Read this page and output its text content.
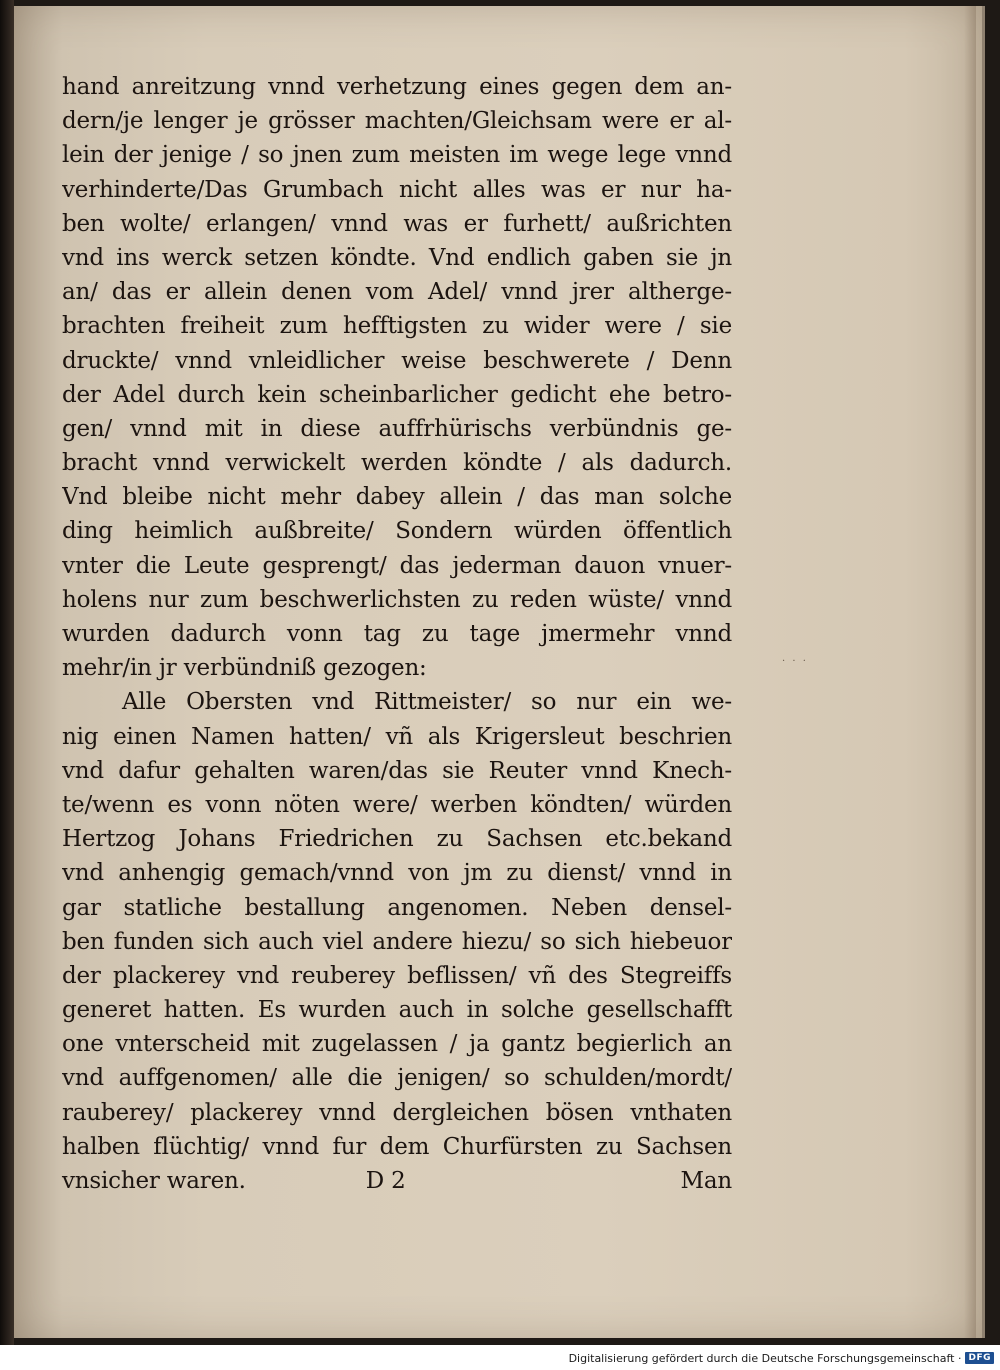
hand anreitzung vnnd verhetzung eines gegen dem an-
dern/je lenger je grösser machten/Gleichsam were er al-
lein der jenige / so jnen zum meisten im wege lege vnnd
verhinderte/Das Grumbach nicht alles was er nur ha-
ben wolte/ erlangen/ vnnd was er furhett/ außrichten
vnd ins werck setzen köndte. Vnd endlich gaben sie jn
an/ das er allein denen vom Adel/ vnnd jrer altherge-
brachten freiheit zum hefftigsten zu wider were / sie
druckte/ vnnd vnleidlicher weise beschwerete / Denn
der Adel durch kein scheinbarlicher gedicht ehe betro-
gen/ vnnd mit in diese auffrhürischs verbündnis ge-
bracht vnnd verwickelt werden köndte / als dadurch.
Vnd bleibe nicht mehr dabey allein / das man solche
ding heimlich außbreite/ Sondern würden öffentlich
vnter die Leute gesprengt/ das jederman dauon vnuer-
holens nur zum beschwerlichsten zu reden wüste/ vnnd
wurden dadurch vonn tag zu tage jmermehr vnnd
mehr/in jr verbündniß gezogen:
Alle Obersten vnd Rittmeister/ so nur ein we-
nig einen Namen hatten/ vñ als Krigersleut beschrien
vnd dafur gehalten waren/das sie Reuter vnnd Knech-
te/wenn es vonn nöten were/ werben köndten/ würden
Hertzog Johans Friedrichen zu Sachsen etc.bekand
vnd anhengig gemach/vnnd von jm zu dienst/ vnnd in
gar statliche bestallung angenomen. Neben densel-
ben funden sich auch viel andere hiezu/ so sich hiebeuor
der plackerey vnd reuberey beflissen/ vñ des Stegreiffs
generet hatten. Es wurden auch in solche gesellschafft
one vnterscheid mit zugelassen / ja gantz begierlich an
vnd auffgenomen/ alle die jenigen/ so schulden/mordt/
rauberey/ plackerey vnnd dergleichen bösen vnthaten
halben flüchtig/ vnnd fur dem Churfürsten zu Sachsen
vnsicher waren.	D 2	Man
· · ·
Digitalisierung gefördert durch die Deutsche Forschungsgemeinschaft · DFG
